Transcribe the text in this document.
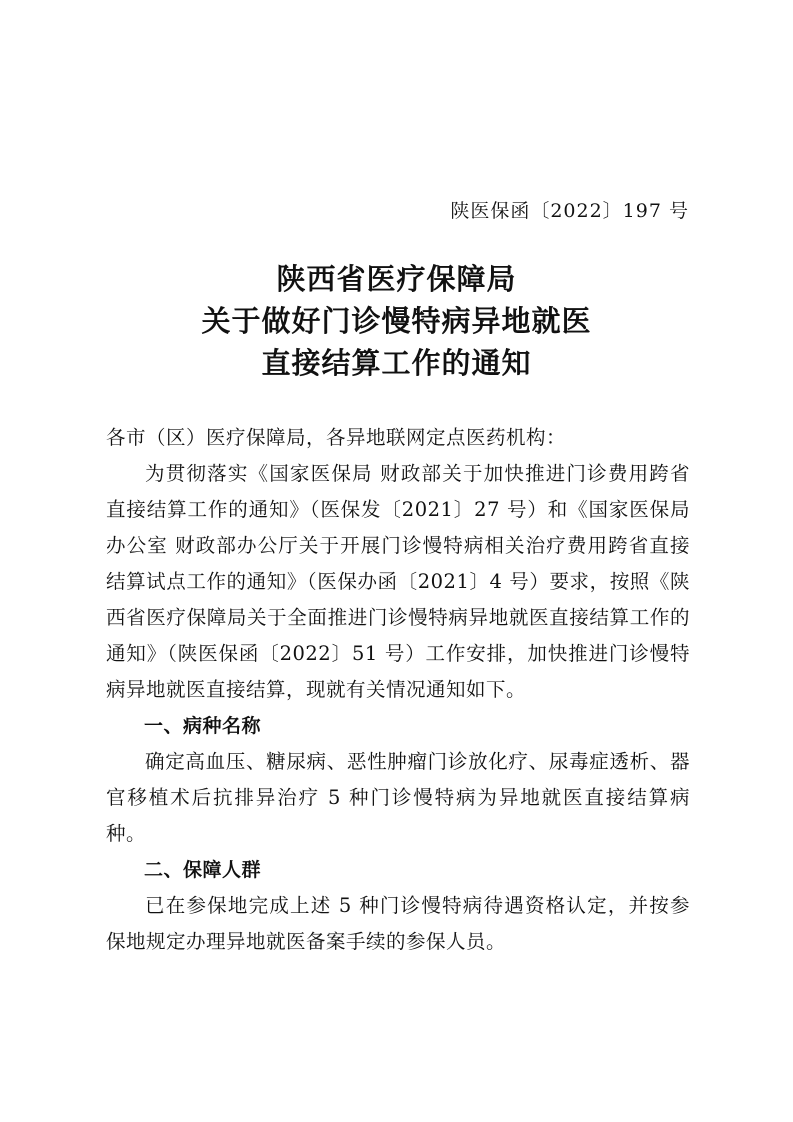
陕医保函〔2022〕197 号
陕西省医疗保障局
关于做好门诊慢特病异地就医
直接结算工作的通知

各市（区）医疗保障局，各异地联网定点医药机构：

为贯彻落实《国家医保局 财政部关于加快推进门诊费用跨省直接结算工作的通知》（医保发〔2021〕27 号）和《国家医保局办公室 财政部办公厅关于开展门诊慢特病相关治疗费用跨省直接结算试点工作的通知》（医保办函〔2021〕4 号）要求，按照《陕西省医疗保障局关于全面推进门诊慢特病异地就医直接结算工作的通知》（陕医保函〔2022〕51 号）工作安排，加快推进门诊慢特病异地就医直接结算，现就有关情况通知如下。

一、病种名称

确定高血压、糖尿病、恶性肿瘤门诊放化疗、尿毒症透析、器官移植术后抗排异治疗 5 种门诊慢特病为异地就医直接结算病种。

二、保障人群

已在参保地完成上述 5 种门诊慢特病待遇资格认定，并按参保地规定办理异地就医备案手续的参保人员。
